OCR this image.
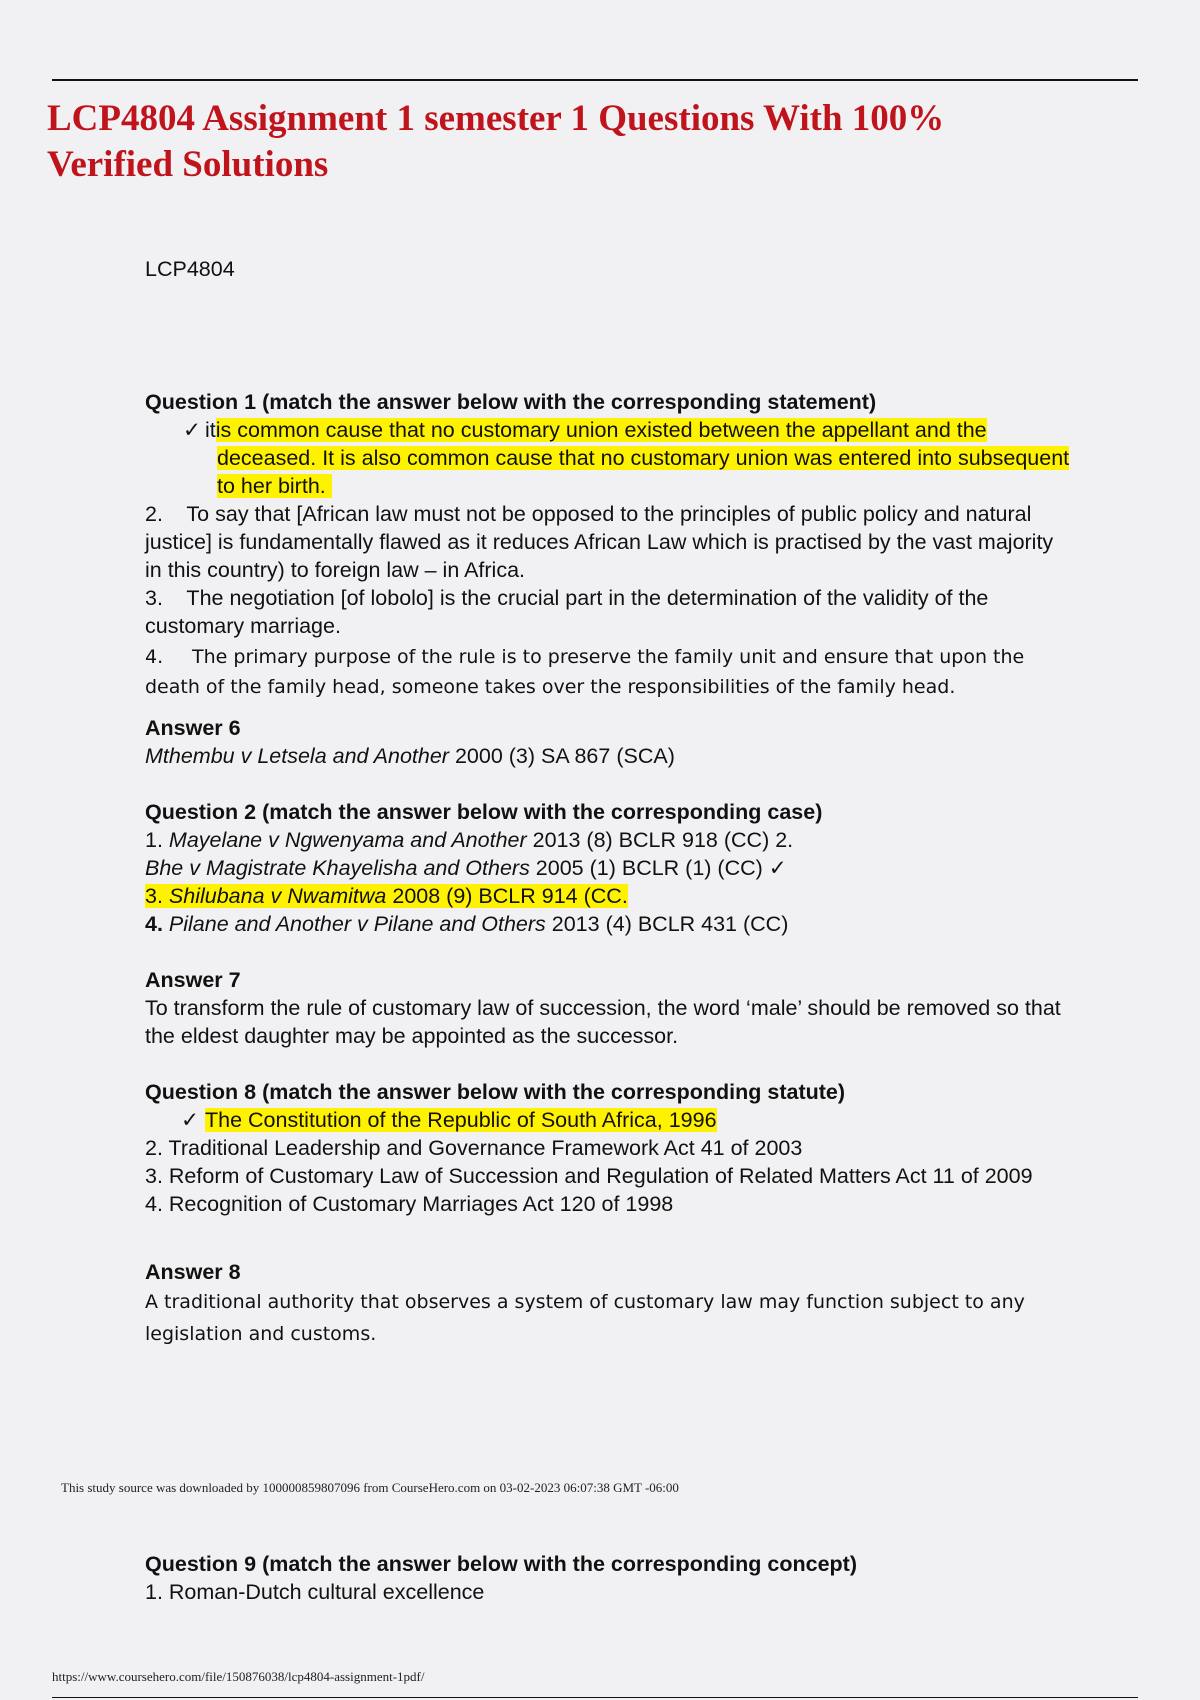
LCP4804 Assignment 1 semester 1 Questions With 100%
Verified Solutions

LCP4804

Question 1 (match the answer below with the corresponding statement)

✓ itis common cause that no customary union existed between the appellant and the deceased. It is also common cause that no customary union was entered into subsequent to her birth.

2.    To say that [African law must not be opposed to the principles of public policy and natural justice] is fundamentally flawed as it reduces African Law which is practised by the vast majority in this country) to foreign law – in Africa.

3.    The negotiation [of lobolo] is the crucial part in the determination of the validity of the customary marriage.

4. The primary purpose of the rule is to preserve the family unit and ensure that upon the death of the family head, someone takes over the responsibilities of the family head.

Answer 6

Mthembu v Letsela and Another 2000 (3) SA 867 (SCA)

Question 2 (match the answer below with the corresponding case)

1. Mayelane v Ngwenyama and Another 2013 (8) BCLR 918 (CC) 2.

Bhe v Magistrate Khayelisha and Others 2005 (1) BCLR (1) (CC) ✓

3. Shilubana v Nwamitwa 2008 (9) BCLR 914 (CC.

4. Pilane and Another v Pilane and Others 2013 (4) BCLR 431 (CC)

Answer 7

To transform the rule of customary law of succession, the word ‘male’ should be removed so that the eldest daughter may be appointed as the successor.

Question 8 (match the answer below with the corresponding statute)

✓ The Constitution of the Republic of South Africa, 1996

2. Traditional Leadership and Governance Framework Act 41 of 2003

3. Reform of Customary Law of Succession and Regulation of Related Matters Act 11 of 2009

4. Recognition of Customary Marriages Act 120 of 1998

Answer 8

A traditional authority that observes a system of customary law may function subject to any legislation and customs.

This study source was downloaded by 100000859807096 from CourseHero.com on 03-02-2023 06:07:38 GMT -06:00

Question 9 (match the answer below with the corresponding concept)

1. Roman-Dutch cultural excellence

https://www.coursehero.com/file/150876038/lcp4804-assignment-1pdf/
